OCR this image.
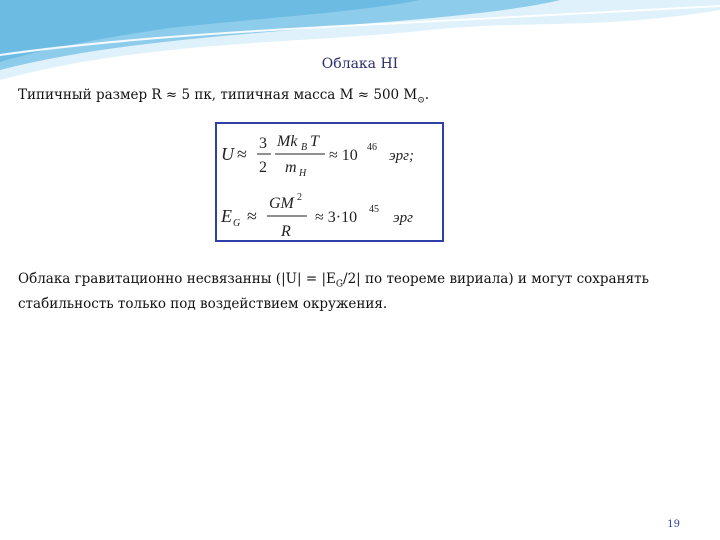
Облака HI
Типичный размер R ≈ 5 пк, типичная масса M ≈ 500 $M_⊙$.
U ≈
3
2
Mk B T
m H
≈ 10 46
эрг;
E G ≈
GM 2
R
≈ 3·10 45
эрг
Облака гравитационно несвязанны ($|U| = |E_G/2|$ по теореме вириала) и могут сохранять стабильность только под воздействием окружения.
19
